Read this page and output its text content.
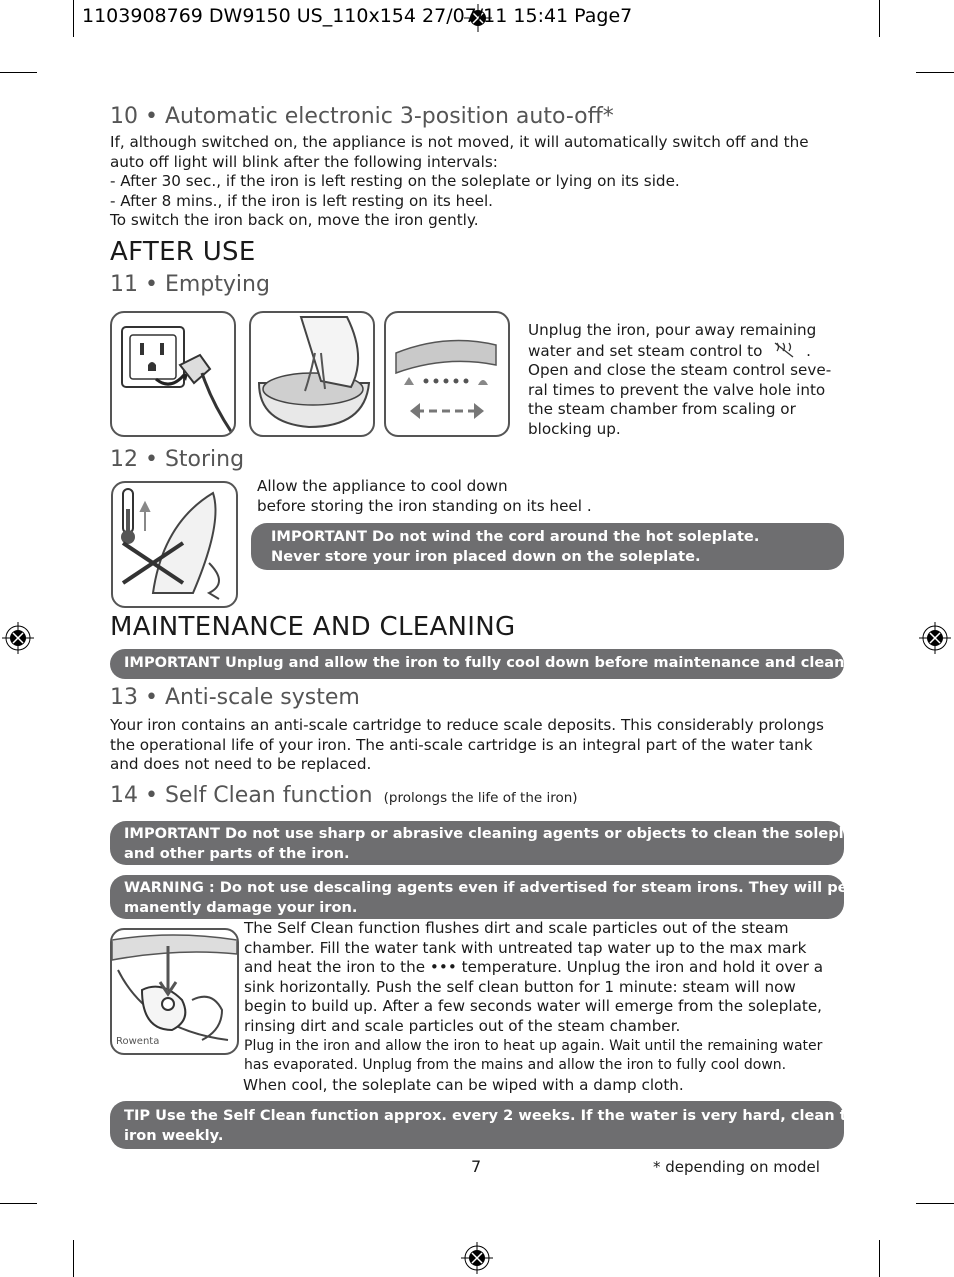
1103908769 DW9150 US_110x154 27/07/11 15:41 Page7
10 • Automatic electronic 3-position auto-off*
If, although switched on, the appliance is not moved, it will automatically switch off and the
auto off light will blink after the following intervals:
- After 30 sec., if the iron is left resting on the soleplate or lying on its side.
- After 8 mins., if the iron is left resting on its heel.
To switch the iron back on, move the iron gently.
AFTER USE
11 • Emptying
Unplug the iron, pour away remaining
water and set steam control to	.
Open and close the steam control seve-
ral times to prevent the valve hole into
the steam chamber from scaling or
blocking up.
12 • Storing
Allow the appliance to cool down
before storing the iron standing on its heel .
IMPORTANT Do not wind the cord around the hot soleplate.
Never store your iron placed down on the soleplate.
MAINTENANCE AND CLEANING
IMPORTANT Unplug and allow the iron to fully cool down before maintenance and cleaning.
13 • Anti-scale system
Your iron contains an anti-scale cartridge to reduce scale deposits. This considerably prolongs
the operational life of your iron. The anti-scale cartridge is an integral part of the water tank
and does not need to be replaced.
14 • Self Clean function (prolongs the life of the iron)
IMPORTANT Do not use sharp or abrasive cleaning agents or objects to clean the soleplate
and other parts of the iron.
WARNING : Do not use descaling agents even if advertised for steam irons. They will per-
manently damage your iron.
Rowenta
The Self Clean function flushes dirt and scale particles out of the steam
chamber. Fill the water tank with untreated tap water up to the max mark
and heat the iron to the ••• temperature. Unplug the iron and hold it over a
sink horizontally. Push the self clean button for 1 minute: steam will now
begin to build up. After a few seconds water will emerge from the soleplate,
rinsing dirt and scale particles out of the steam chamber.
Plug in the iron and allow the iron to heat up again. Wait until the remaining water
has evaporated. Unplug from the mains and allow the iron to fully cool down.
When cool, the soleplate can be wiped with a damp cloth.
TIP Use the Self Clean function approx. every 2 weeks. If the water is very hard, clean the
iron weekly.
7	* depending on model
